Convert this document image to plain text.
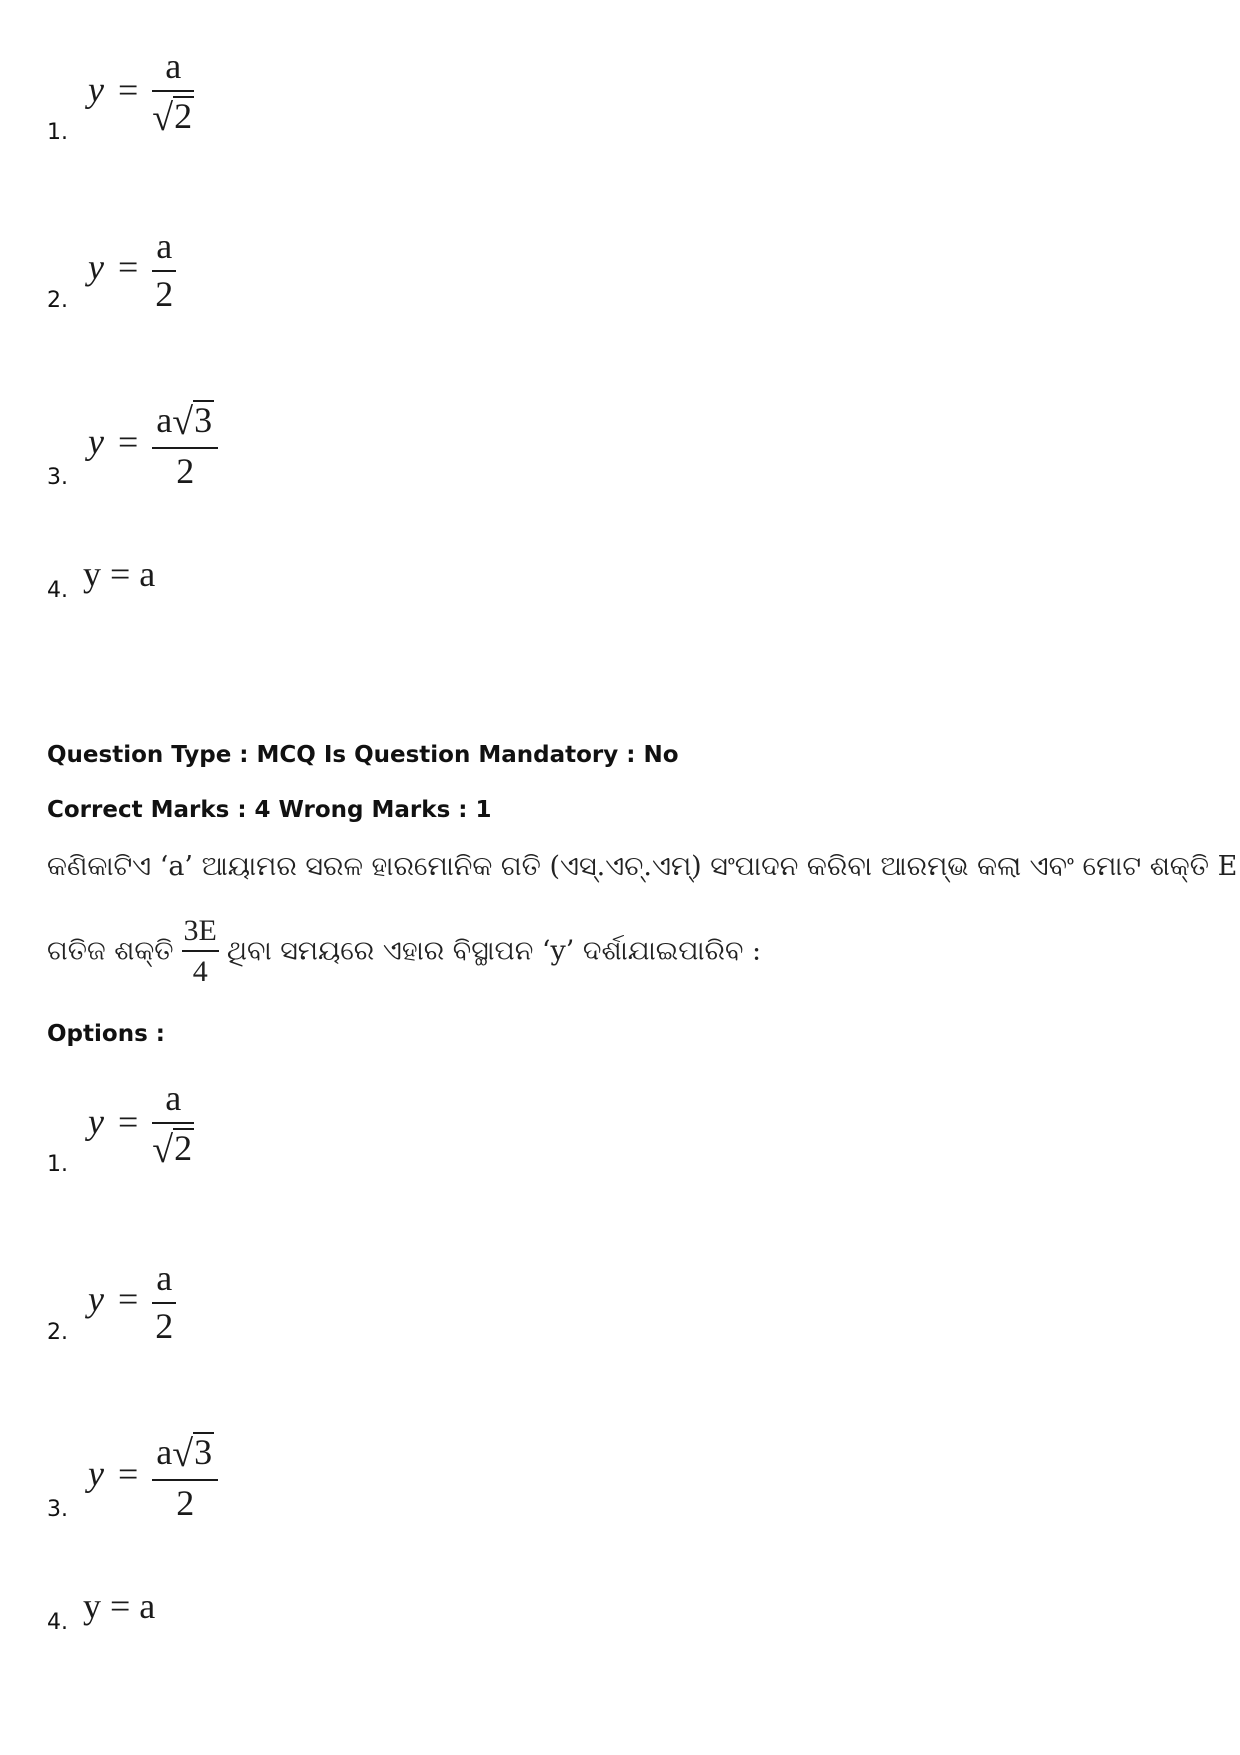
$y = \frac{a}{√2}$
1.
$y = \frac{a}{2}$
2.
$y = \frac{a√3}{2}$
3.
y = a
4.
Question Type : MCQ Is Question Mandatory : No
Correct Marks : 4 Wrong Marks : 1
କଣିକାଟିଏ ‘a’ ଆୟାମର ସରଳ ହାରମୋନିକ ଗତି (ଏସ୍.ଏଚ୍.ଏମ୍) ସଂପାଦନ କରିବା ଆରମ୍ଭ କଲା ଏବଂ ମୋଟ ଶକ୍ତି E
ଗତିଜ ଶକ୍ତି $\frac{3E}{4}$ ଥିବା ସମୟରେ ଏହାର ବିସ୍ଥାପନ ‘y’ ଦର୍ଶାଯାଇପାରିବ :
Options :
$y = \frac{a}{√2}$
1.
$y = \frac{a}{2}$
2.
$y = \frac{a√3}{2}$
3.
y = a
4.
